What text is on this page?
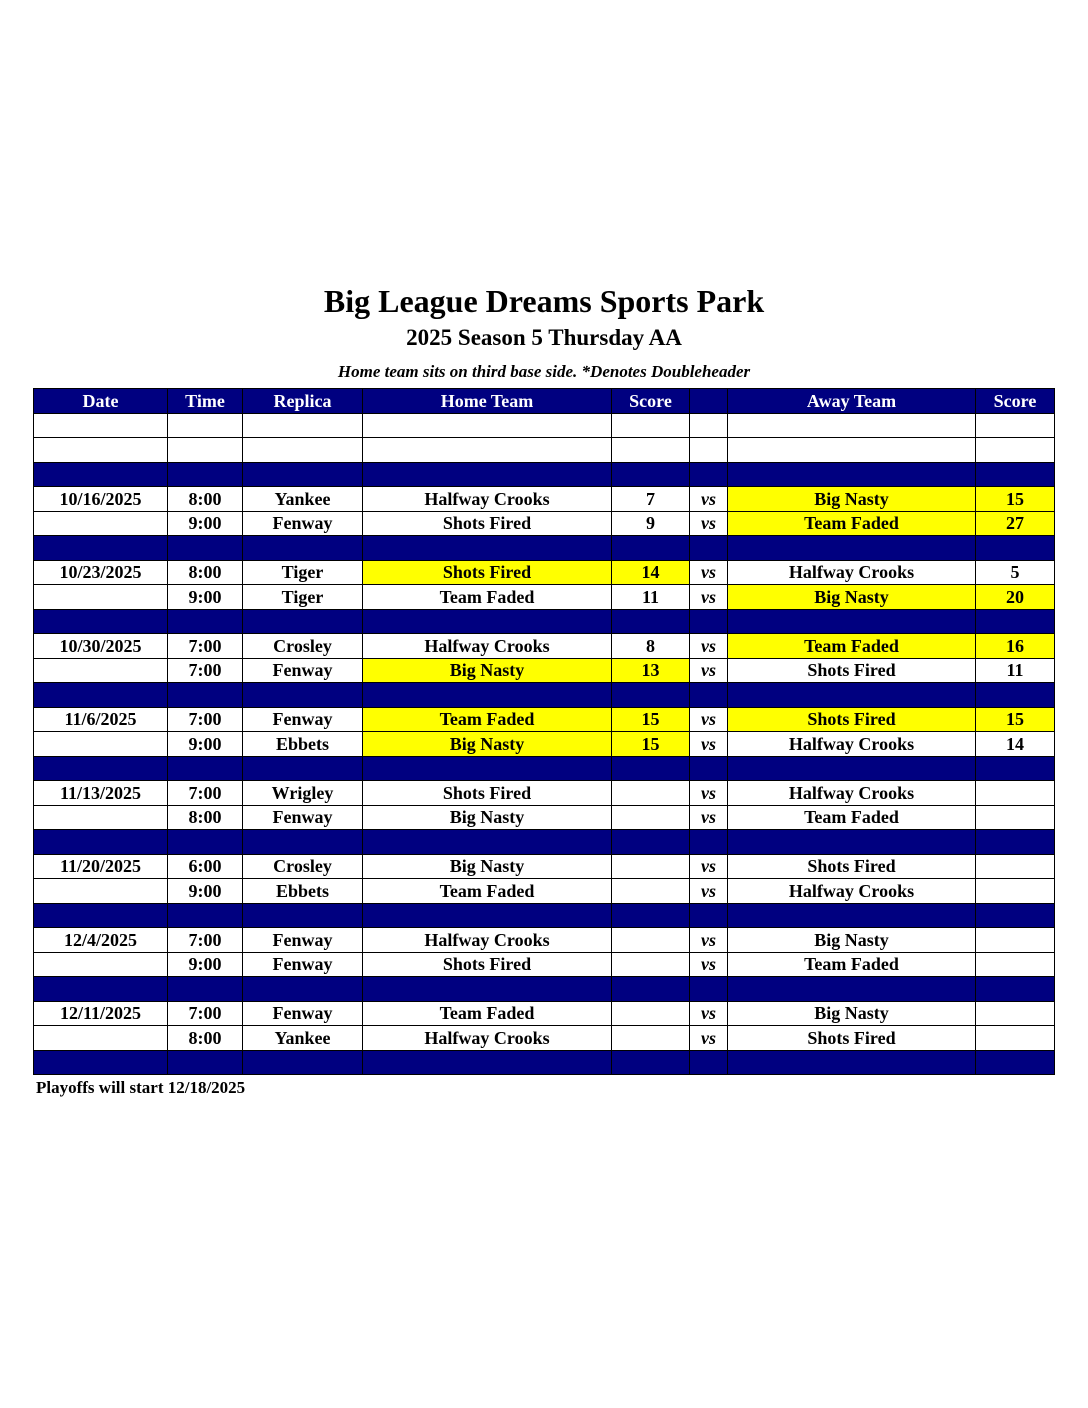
Big League Dreams Sports Park
2025 Season 5 Thursday AA
Home team sits on third base side. *Denotes Doubleheader
Date	Time	Replica	Home Team	Score		Away Team	Score

10/16/2025	8:00	Yankee	Halfway Crooks	7	vs	Big Nasty	15
	9:00	Fenway	Shots Fired	9	vs	Team Faded	27

10/23/2025	8:00	Tiger	Shots Fired	14	vs	Halfway Crooks	5
	9:00	Tiger	Team Faded	11	vs	Big Nasty	20

10/30/2025	7:00	Crosley	Halfway Crooks	8	vs	Team Faded	16
	7:00	Fenway	Big Nasty	13	vs	Shots Fired	11

11/6/2025	7:00	Fenway	Team Faded	15	vs	Shots Fired	15
	9:00	Ebbets	Big Nasty	15	vs	Halfway Crooks	14

11/13/2025	7:00	Wrigley	Shots Fired		vs	Halfway Crooks	
	8:00	Fenway	Big Nasty		vs	Team Faded	

11/20/2025	6:00	Crosley	Big Nasty		vs	Shots Fired	
	9:00	Ebbets	Team Faded		vs	Halfway Crooks	

12/4/2025	7:00	Fenway	Halfway Crooks		vs	Big Nasty	
	9:00	Fenway	Shots Fired		vs	Team Faded	

12/11/2025	7:00	Fenway	Team Faded		vs	Big Nasty	
	8:00	Yankee	Halfway Crooks		vs	Shots Fired	

Playoffs will start 12/18/2025
